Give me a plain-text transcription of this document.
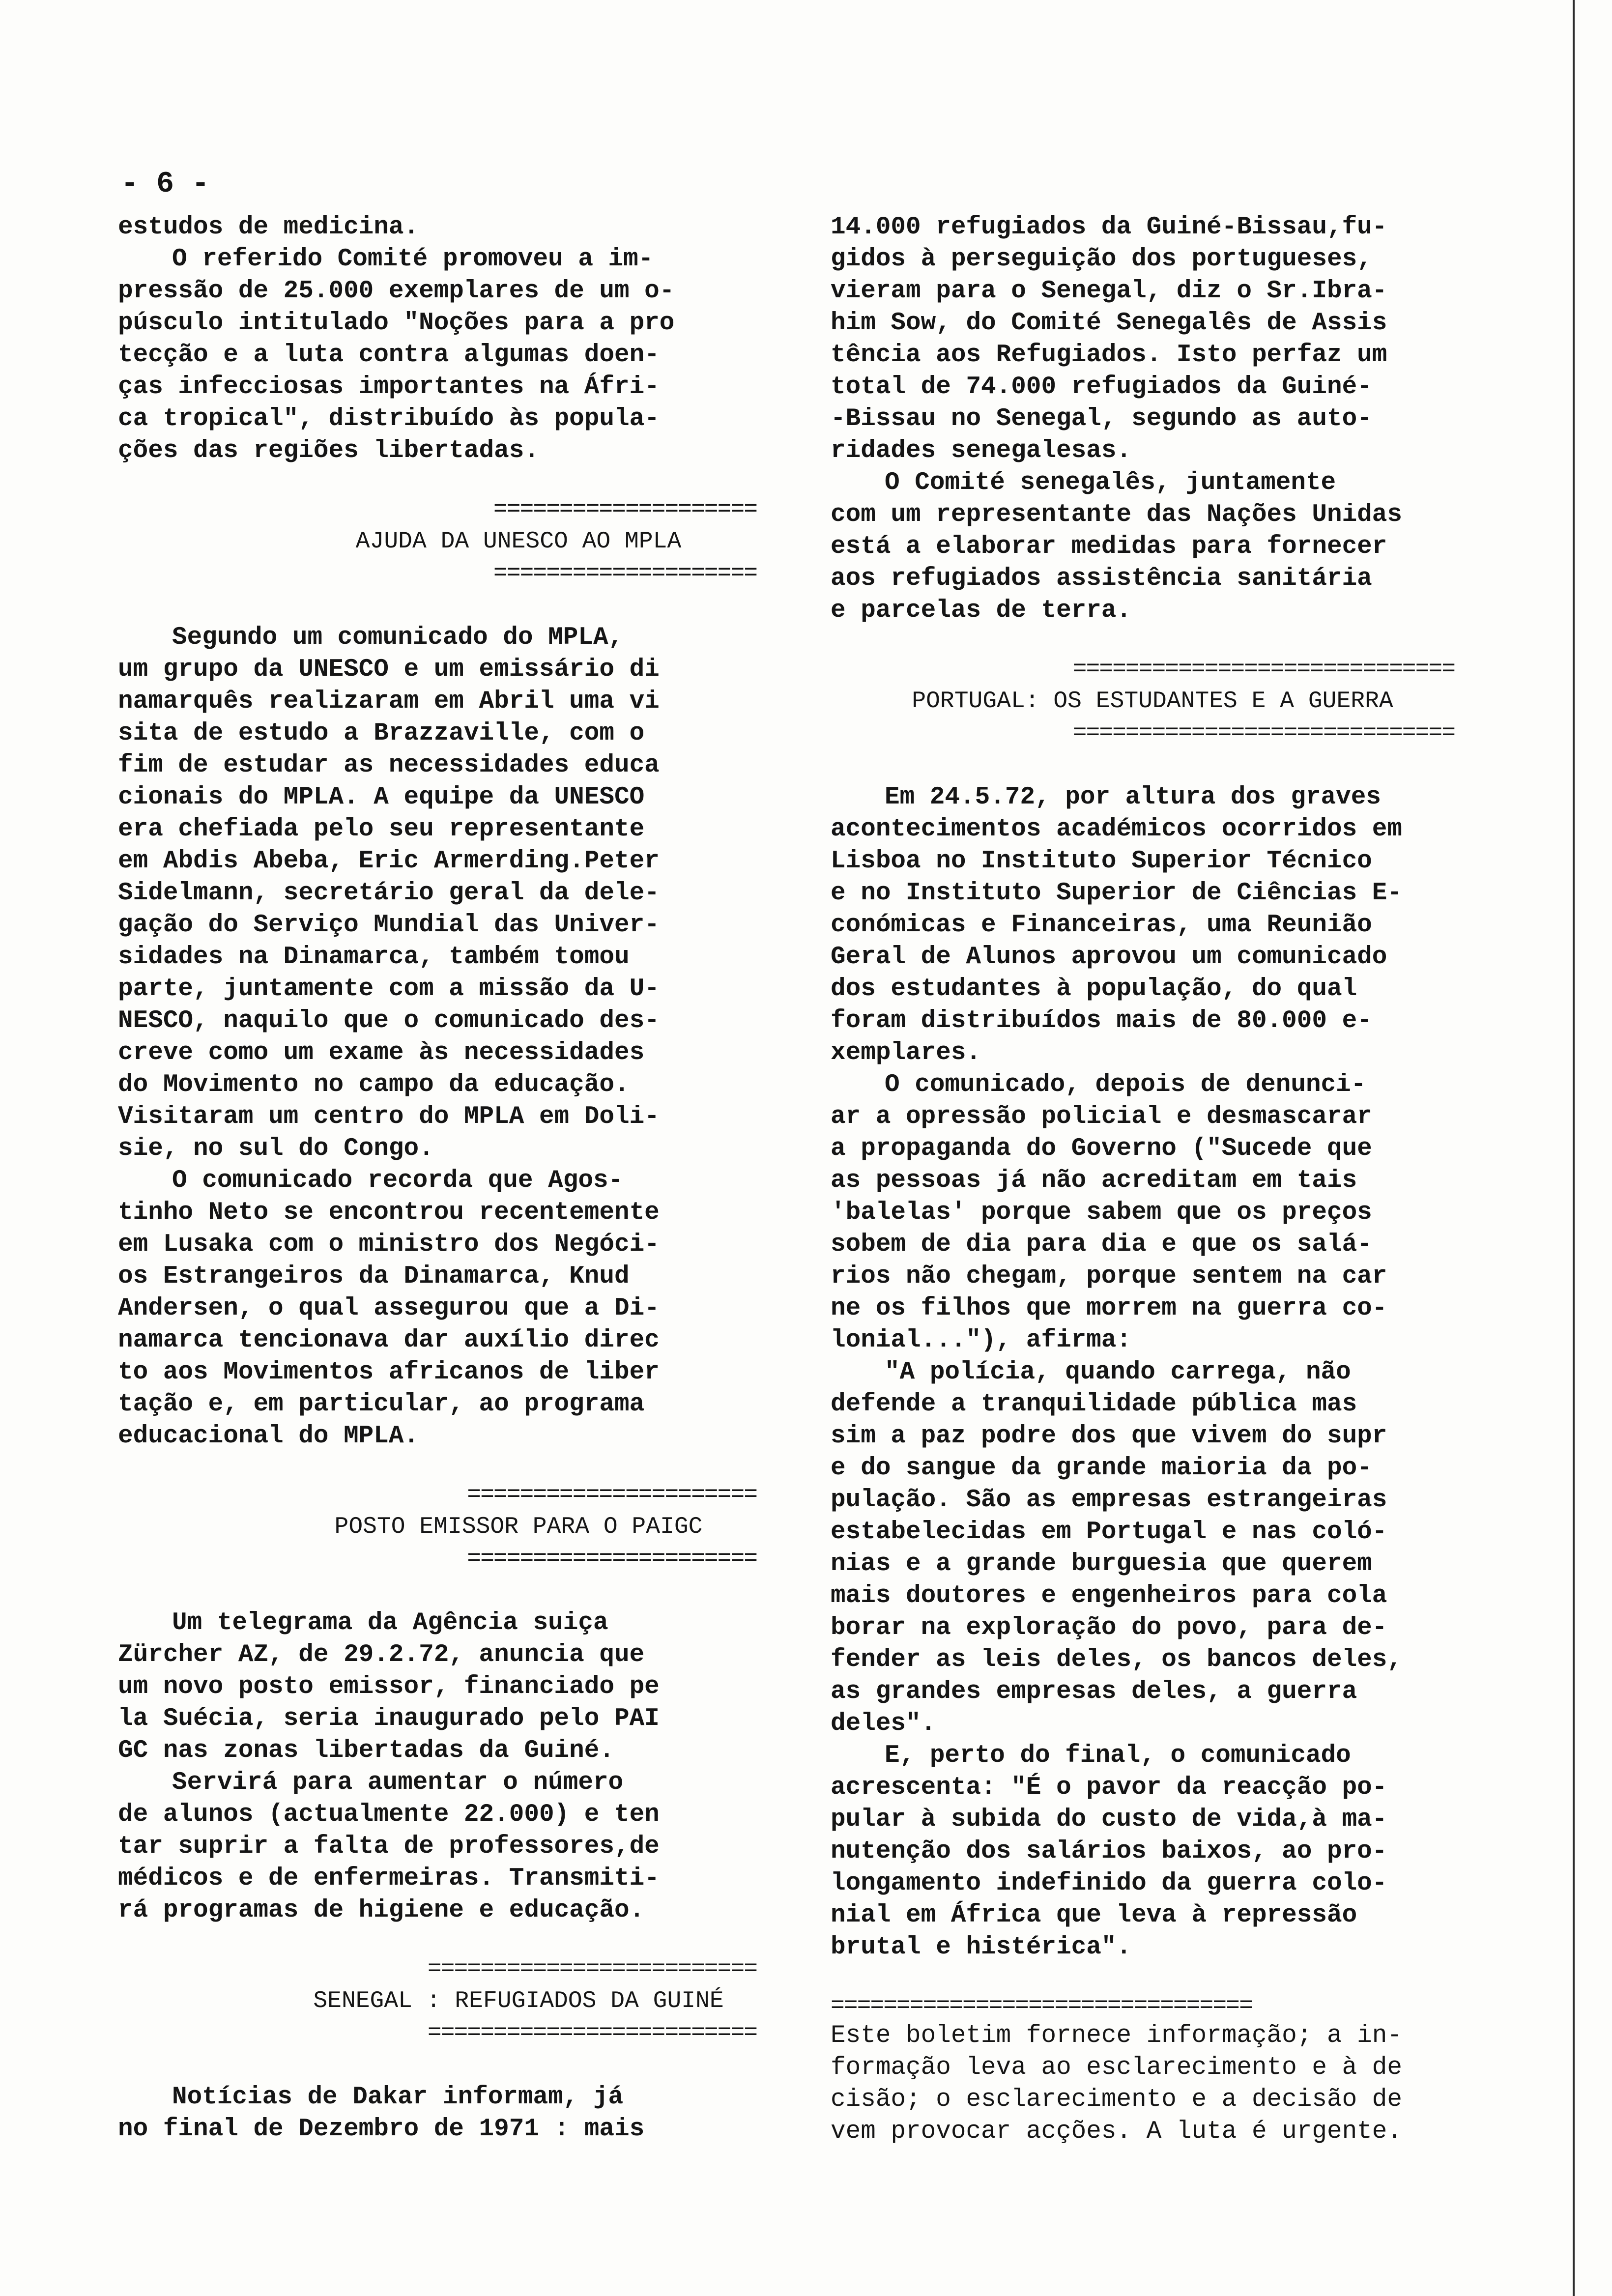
- 6 -
estudos de medicina.
O referido Comité promoveu a im-
pressão de 25.000 exemplares de um o-
púsculo intitulado "Noções para a pro
tecção e a luta contra algumas doen-
ças infecciosas importantes na Áfri-
ca tropical", distribuído às popula-
ções das regiões libertadas.
====================
AJUDA DA UNESCO AO MPLA
====================
Segundo um comunicado do MPLA,
um grupo da UNESCO e um emissário di
namarquês realizaram em Abril uma vi
sita de estudo a Brazzaville, com o
fim de estudar as necessidades educa
cionais do MPLA. A equipe da UNESCO
era chefiada pelo seu representante
em Abdis Abeba, Eric Armerding.Peter
Sidelmann, secretário geral da dele-
gação do Serviço Mundial das Univer-
sidades na Dinamarca, também tomou
parte, juntamente com a missão da U-
NESCO, naquilo que o comunicado des-
creve como um exame às necessidades
do Movimento no campo da educação.
Visitaram um centro do MPLA em Doli-
sie, no sul do Congo.
O comunicado recorda que Agos-
tinho Neto se encontrou recentemente
em Lusaka com o ministro dos Negóci-
os Estrangeiros da Dinamarca, Knud
Andersen, o qual assegurou que a Di-
namarca tencionava dar auxílio direc
to aos Movimentos africanos de liber
tação e, em particular, ao programa
educacional do MPLA.
======================
POSTO EMISSOR PARA O PAIGC
======================
Um telegrama da Agência suiça
Zürcher AZ, de 29.2.72, anuncia que
um novo posto emissor, financiado pe
la Suécia, seria inaugurado pelo PAI
GC nas zonas libertadas da Guiné.
Servirá para aumentar o número
de alunos (actualmente 22.000) e ten
tar suprir a falta de professores,de
médicos e de enfermeiras. Transmiti-
rá programas de higiene e educação.
=========================
SENEGAL : REFUGIADOS DA GUINÉ
=========================
Notícias de Dakar informam, já
no final de Dezembro de 1971 : mais
14.000 refugiados da Guiné-Bissau,fu-
gidos à perseguição dos portugueses,
vieram para o Senegal, diz o Sr.Ibra-
him Sow, do Comité Senegalês de Assis
tência aos Refugiados. Isto perfaz um
total de 74.000 refugiados da Guiné-
-Bissau no Senegal, segundo as auto-
ridades senegalesas.
O Comité senegalês, juntamente
com um representante das Nações Unidas
está a elaborar medidas para fornecer
aos refugiados assistência sanitária
e parcelas de terra.
=============================
PORTUGAL: OS ESTUDANTES E A GUERRA
=============================
Em 24.5.72, por altura dos graves
acontecimentos académicos ocorridos em
Lisboa no Instituto Superior Técnico
e no Instituto Superior de Ciências E-
conómicas e Financeiras, uma Reunião
Geral de Alunos aprovou um comunicado
dos estudantes à população, do qual
foram distribuídos mais de 80.000 e-
xemplares.
O comunicado, depois de denunci-
ar a opressão policial e desmascarar
a propaganda do Governo ("Sucede que
as pessoas já não acreditam em tais
'balelas' porque sabem que os preços
sobem de dia para dia e que os salá-
rios não chegam, porque sentem na car
ne os filhos que morrem na guerra co-
lonial..."), afirma:
"A polícia, quando carrega, não
defende a tranquilidade pública mas
sim a paz podre dos que vivem do supr
e do sangue da grande maioria da po-
pulação. São as empresas estrangeiras
estabelecidas em Portugal e nas coló-
nias e a grande burguesia que querem
mais doutores e engenheiros para cola
borar na exploração do povo, para de-
fender as leis deles, os bancos deles,
as grandes empresas deles, a guerra
deles".
E, perto do final, o comunicado
acrescenta: "É o pavor da reacção po-
pular à subida do custo de vida,à ma-
nutenção dos salários baixos, ao pro-
longamento indefinido da guerra colo-
nial em África que leva à repressão
brutal e histérica".
================================
Este boletim fornece informação; a in-
formação leva ao esclarecimento e à de
cisão; o esclarecimento e a decisão de
vem provocar acções. A luta é urgente.
